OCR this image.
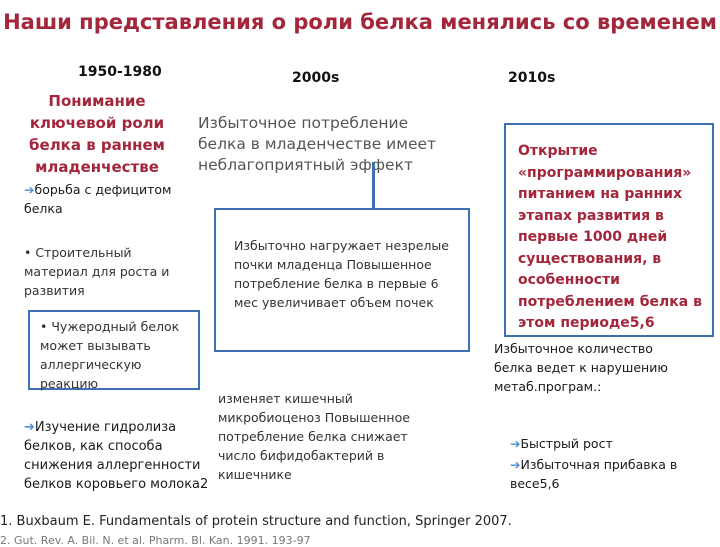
Наши представления о роли белка менялись со временем
1950-1980	2000s	2010s
Понимание ключевой роли белка в раннем младенчестве
➔борьба с дефицитом белка
• Строительный материал для роста и развития
• Чужеродный белок может вызывать аллергическую реакцию
➔Изучение гидролиза белков, как способа снижения аллергенности белков коровьего молока2
Избыточное потребление белка в младенчестве имеет неблагоприятный эффект
Избыточно нагружает незрелые почки младенца Повышенное потребление белка в первые 6 мес увеличивает объем почек
изменяет кишечный микробиоценоз Повышенное потребление белка снижает число бифидобактерий в кишечнике
Открытие «программирования» питанием на ранних этапах развития в первые 1000 дней существования, в особенности потреблением белка в этом периоде5,6
Избыточное количество белка ведет к нарушению метаб.програм.:
➔Быстрый рост
➔Избыточная прибавка в весе5,6
1. Buxbaum E. Fundamentals of protein structure and function, Springer 2007.
2. Gut. Rev. A. Bil. N. et al. Pharm. Bl. Kan. 1991. 193-97
